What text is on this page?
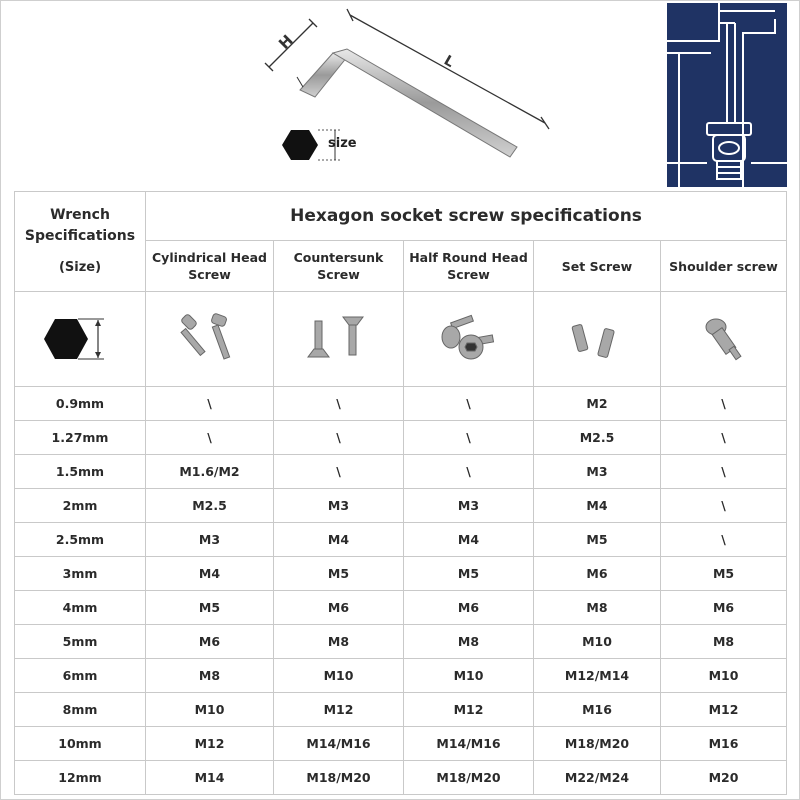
H
L
size
Wrench Specifications
(Size)	Hexagon socket screw specifications				
	Cylindrical Head Screw	Countersunk Screw	Half Round Head Screw	Set Screw	Shoulder screw

0.9mm	\	\	\	M2	\
1.27mm	\	\	\	M2.5	\
1.5mm	M1.6/M2	\	\	M3	\
2mm	M2.5	M3	M3	M4	\
2.5mm	M3	M4	M4	M5	\
3mm	M4	M5	M5	M6	M5
4mm	M5	M6	M6	M8	M6
5mm	M6	M8	M8	M10	M8
6mm	M8	M10	M10	M12/M14	M10
8mm	M10	M12	M12	M16	M12
10mm	M12	M14/M16	M14/M16	M18/M20	M16
12mm	M14	M18/M20	M18/M20	M22/M24	M20
